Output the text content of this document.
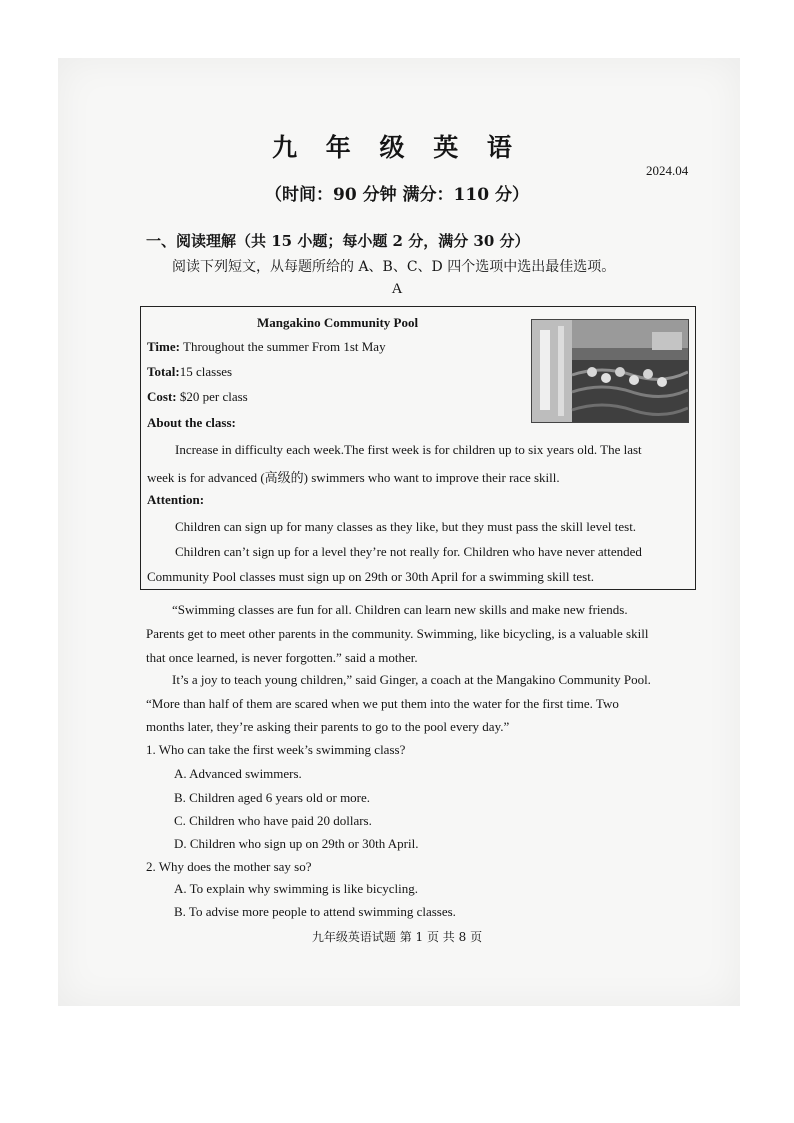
九 年 级 英 语
2024.04
（时间：90 分钟 满分：110 分）
一、阅读理解（共 15 小题；每小题 2 分，满分 30 分）
阅读下列短文，从每题所给的 A、B、C、D 四个选项中选出最佳选项。
A
Mangakino Community Pool
Time: Throughout the summer From 1st May
Total:15 classes
Cost: $20 per class
About the class:
Increase in difficulty each week.The first week is for children up to six years old. The last
week is for advanced (高级的) swimmers who want to improve their race skill.
Attention:
Children can sign up for many classes as they like, but they must pass the skill level test.
Children can’t sign up for a level they’re not really for. Children who have never attended
Community Pool classes must sign up on 29th or 30th April for a swimming skill test.
“Swimming classes are fun for all. Children can learn new skills and make new friends.
Parents get to meet other parents in the community. Swimming, like bicycling, is a valuable skill
that once learned, is never forgotten.” said a mother.
It’s a joy to teach young children,” said Ginger, a coach at the Mangakino Community Pool.
“More than half of them are scared when we put them into the water for the first time. Two
months later, they’re asking their parents to go to the pool every day.”
1. Who can take the first week’s swimming class?
A. Advanced swimmers.
B. Children aged 6 years old or more.
C. Children who have paid 20 dollars.
D. Children who sign up on 29th or 30th April.
2. Why does the mother say so?
A. To explain why swimming is like bicycling.
B. To advise more people to attend swimming classes.
九年级英语试题 第 1 页 共 8 页
